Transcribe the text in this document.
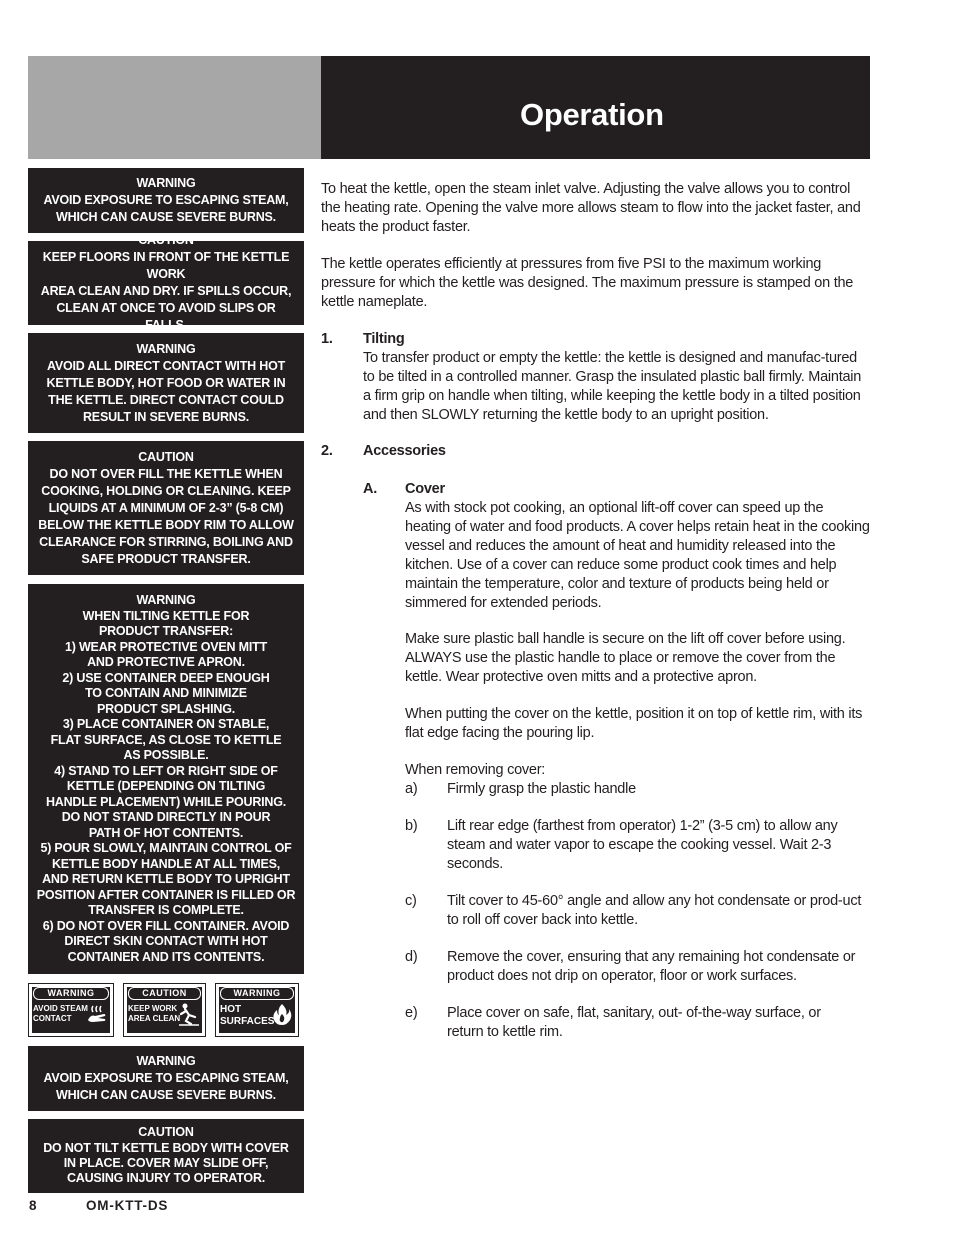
Operation
WARNING
AVOID EXPOSURE TO ESCAPING STEAM,
WHICH CAN CAUSE SEVERE BURNS.
CAUTION
KEEP FLOORS IN FRONT OF THE KETTLE WORK
AREA CLEAN AND DRY. IF SPILLS OCCUR,
CLEAN AT ONCE TO AVOID SLIPS OR FALLS.
WARNING
AVOID ALL DIRECT CONTACT WITH HOT
KETTLE BODY, HOT FOOD OR WATER IN
THE KETTLE. DIRECT CONTACT COULD
RESULT IN SEVERE BURNS.
CAUTION
DO NOT OVER FILL THE KETTLE WHEN
COOKING, HOLDING OR CLEANING. KEEP
LIQUIDS AT A MINIMUM OF 2-3” (5-8 CM)
BELOW THE KETTLE BODY RIM TO ALLOW
CLEARANCE FOR STIRRING, BOILING AND
SAFE PRODUCT TRANSFER.
WARNING
WHEN TILTING KETTLE FOR
PRODUCT TRANSFER:
1) WEAR PROTECTIVE OVEN MITT
AND PROTECTIVE APRON.
2) USE CONTAINER DEEP ENOUGH
TO CONTAIN AND MINIMIZE
PRODUCT SPLASHING.
3) PLACE CONTAINER ON STABLE,
FLAT SURFACE, AS CLOSE TO KETTLE
AS POSSIBLE.
4) STAND TO LEFT OR RIGHT SIDE OF
KETTLE (DEPENDING ON TILTING
HANDLE PLACEMENT) WHILE POURING.
DO NOT STAND DIRECTLY IN POUR
PATH OF HOT CONTENTS.
5) POUR SLOWLY, MAINTAIN CONTROL OF
KETTLE BODY HANDLE AT ALL TIMES,
AND RETURN KETTLE BODY TO UPRIGHT
POSITION AFTER CONTAINER IS FILLED OR
TRANSFER IS COMPLETE.
6) DO NOT OVER FILL CONTAINER. AVOID
DIRECT SKIN CONTACT WITH HOT
CONTAINER AND ITS CONTENTS.
WARNING
AVOID STEAM
CONTACT
CAUTION
KEEP WORK
AREA CLEAN
WARNING
HOT
SURFACES
WARNING
AVOID EXPOSURE TO ESCAPING STEAM,
WHICH CAN CAUSE SEVERE BURNS.
CAUTION
DO NOT TILT KETTLE BODY WITH COVER
IN PLACE. COVER MAY SLIDE OFF,
CAUSING INJURY TO OPERATOR.

To heat the kettle, open the steam inlet valve. Adjusting the valve allows you to control the heating rate. Opening the valve more allows steam to flow into the jacket faster, and heats the product faster.

The kettle operates efficiently at pressures from five PSI to the maximum working pressure for which the kettle was designed. The maximum pressure is stamped on the kettle nameplate.

1. Tilting

To transfer product or empty the kettle: the kettle is designed and manufac-tured to be tilted in a controlled manner. Grasp the insulated plastic ball firmly. Maintain a firm grip on handle when tilting, while keeping the kettle body in a tilted position and then SLOWLY returning the kettle body to an upright position.

2. Accessories
A. Cover

As with stock pot cooking, an optional lift-off cover can speed up the heating of water and food products. A cover helps retain heat in the cooking vessel and reduces the amount of heat and humidity released into the kitchen. Use of a cover can reduce some product cook times and help maintain the temperature, color and texture of products being held or simmered for extended periods.

Make sure plastic ball handle is secure on the lift off cover before using. ALWAYS use the plastic handle to place or remove the cover from the kettle. Wear protective oven mitts and a protective apron.

When putting the cover on the kettle, position it on top of kettle rim, with its flat edge facing the pouring lip.

When removing cover:

a) Firmly grasp the plastic handle

b) Lift rear edge (farthest from operator) 1-2” (3-5 cm) to allow any steam and water vapor to escape the cooking vessel. Wait 2-3 seconds.

c) Tilt cover to 45-60° angle and allow any hot condensate or prod-uct to roll off cover back into kettle.

d) Remove the cover, ensuring that any remaining hot condensate or product does not drip on operator, floor or work surfaces.

e) Place cover on safe, flat, sanitary, out- of-the-way surface, or return to kettle rim.

8	OM-KTT-DS
